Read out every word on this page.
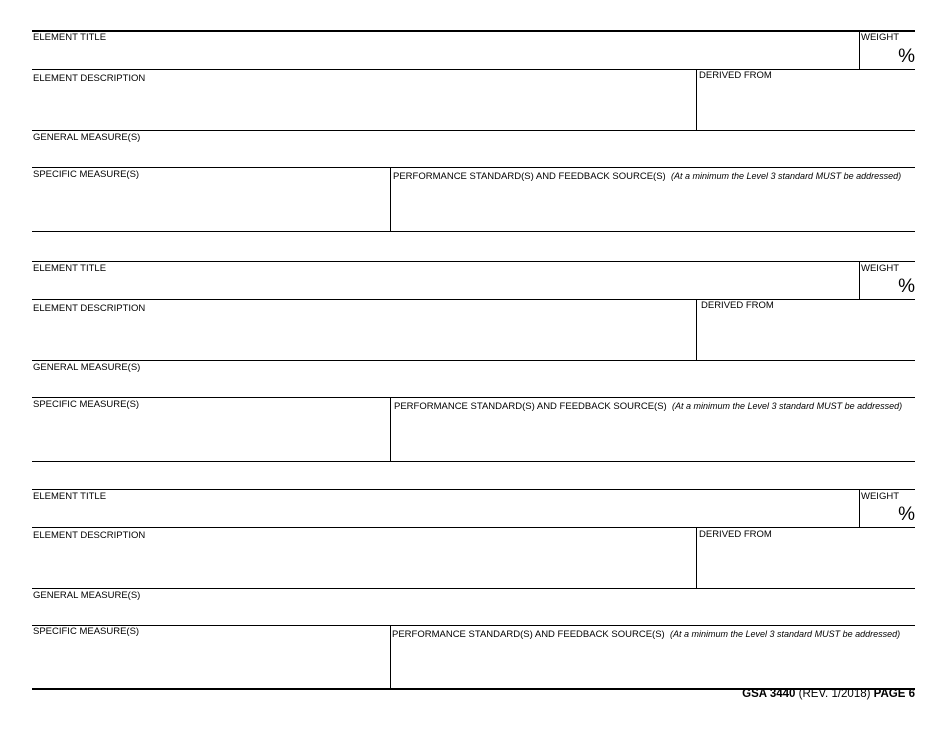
ELEMENT TITLE	WEIGHT
%
ELEMENT DESCRIPTION	DERIVED FROM
GENERAL MEASURE(S)
SPECIFIC MEASURE(S)	PERFORMANCE STANDARD(S) AND FEEDBACK SOURCE(S) (At a minimum the Level 3 standard MUST be addressed)
ELEMENT TITLE	WEIGHT
%
ELEMENT DESCRIPTION	DERIVED FROM
GENERAL MEASURE(S)
SPECIFIC MEASURE(S)	PERFORMANCE STANDARD(S) AND FEEDBACK SOURCE(S) (At a minimum the Level 3 standard MUST be addressed)
ELEMENT TITLE	WEIGHT
%
ELEMENT DESCRIPTION	DERIVED FROM
GENERAL MEASURE(S)
SPECIFIC MEASURE(S)	PERFORMANCE STANDARD(S) AND FEEDBACK SOURCE(S) (At a minimum the Level 3 standard MUST be addressed)
GSA 3440 (REV. 1/2018) PAGE 6
